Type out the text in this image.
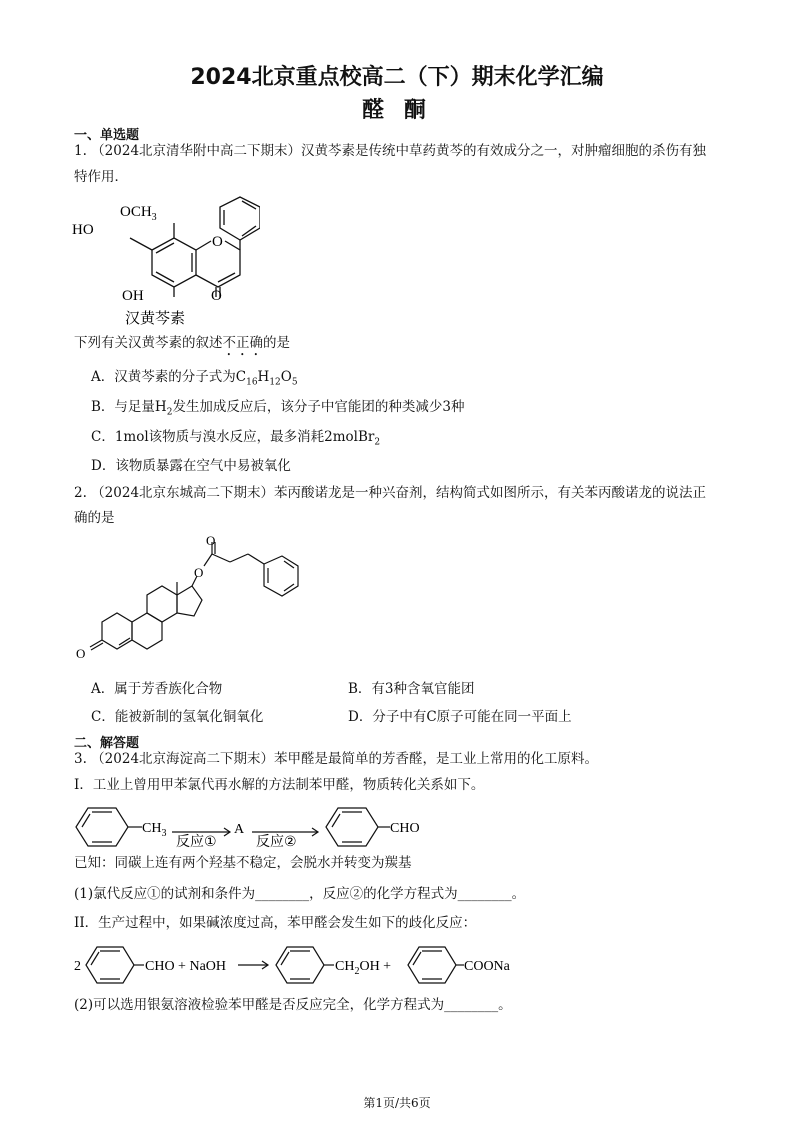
2024北京重点校高二（下）期末化学汇编
醛 酮
一、单选题
1. （2024北京清华附中高二下期末）汉黄芩素是传统中草药黄芩的有效成分之一，对肿瘤细胞的杀伤有独
特作用．
$OCH_3$
HO
O
OH	O
汉黄芩素
下列有关汉黄芩素的叙述不正确的是
A．汉黄芩素的分子式为$C_{16}H_{12}O_5$
B．与足量$H_2$发生加成反应后，该分子中官能团的种类减少3种
C．1mol该物质与溴水反应，最多消耗2molBr$_2$
D．该物质暴露在空气中易被氧化
2. （2024北京东城高二下期末）苯丙酸诺龙是一种兴奋剂，结构简式如图所示，有关苯丙酸诺龙的说法正
确的是
O
O
O
A．属于芳香族化合物	B．有3种含氧官能团
C．能被新制的氢氧化铜氧化	D．分子中有C原子可能在同一平面上
二、解答题
3. （2024北京海淀高二下期末）苯甲醛是最简单的芳香醛，是工业上常用的化工原料。
I．工业上曾用甲苯氯代再水解的方法制苯甲醛，物质转化关系如下。
$CH_3$
反应①
A
反应②
CHO
已知：同碳上连有两个羟基不稳定，会脱水并转变为羰基
(1)氯代反应①的试剂和条件为________，反应②的化学方程式为________。
II．生产过程中，如果碱浓度过高，苯甲醛会发生如下的歧化反应：
2	CHO + NaOH	$CH_2OH$ +	COONa
(2)可以选用银氨溶液检验苯甲醛是否反应完全，化学方程式为________。
第1页/共6页
